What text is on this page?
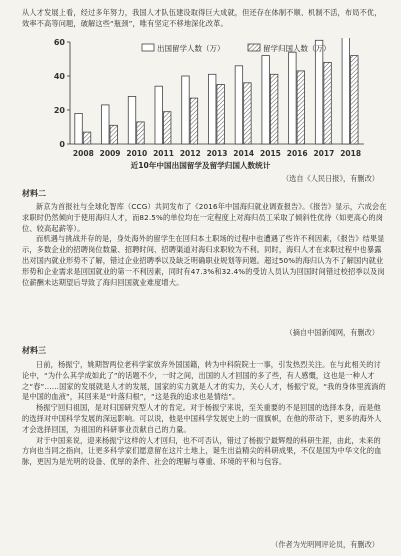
从人才发展上看，经过多年努力，我国人才队伍建设取得巨大成就，但还存在体制不顺、机制不活，布局不优，效率不高等问题，破解这些“瓶颈”，唯有坚定不移地深化改革。
0
20
40
60
2008 2009 2010 2011 2012 2013 2014 2015 2016 2017 2018
出国留学人数（万）	留学归国人数（万）
近10年中国出国留学及留学归国人数统计
（选自《人民日报》，有删改）
材料二

新京为首报社与全球化智库（CCG）共同发布了《2016年中国海归就业调查报告》。《报告》显示，六成会在求职时仍然倾向于使用海归人才，而82.5%的单位均在一定程度上对海归员工采取了倾斜性优待（如更高心的岗位、较高起薪等）。

而机遇与挑战并存的是，身处海外的留学生在回归本土职场的过程中也遭遇了些许不利因素，《报告》结果显示，多数企业的招聘岗位数量、招聘时间、招聘渠道对海归求职较为不利。同时，海归人才在求职过程中也暴露出对国内就业形势不了解，错过企业招聘季以及缺乏明确职业规划等问题。超过50%的海归认为不了解国内就业形势和企业需求是回国就业的第一不利因素，同时有47.3%和32.4%的受访人员认为回国时间错过校招季以及岗位薪酬未达期望后导致了海归回国就业难度增大。

（摘自中国新闻网，有删改）
材料三

日前，杨振宁，姚期智两位老科学家放弃外国国籍，转为中科院院士一事，引发热烈关注。在与此相关的讨论中，“为什么其学成如此了”的话题不少，一时之间，出国的人才回国的多了些，有人感慨，这也是一种人才之“春”……国家的发展就是人才的发展，国家的实力就是人才的实力，关心人才，杨振宁说，“我的身体里流淌的是中国的血液”，其回来是“叶落归根”，“这是我的追求也是情结”。

杨振宁回归祖国，是对归国研究型人才的肯定。对于杨振宁来说，至关重要的不是回国的选择本身，而是他的选择对中国科学发展的深远影响。可以说，他是中国科学发展史上的一面旗帜，在他的带动下，更多的海外人才会选择回国，为祖国的科研事业贡献自己的力量。

对于中国来说，迎来杨振宁这样的人才回归，也不可否认，错过了杨振宁最辉煌的科研生涯，由此，未来的方向也当同之指向，让更多科学家们愿意留在这片土地上，诞生出益精尖的科研成果，不仅是国为中华文化的血脉，更因为是光明的设备、优厚的条件、社会的理解与尊重、环境的平和与包容。

（作者为光明网评论员，有删改）
